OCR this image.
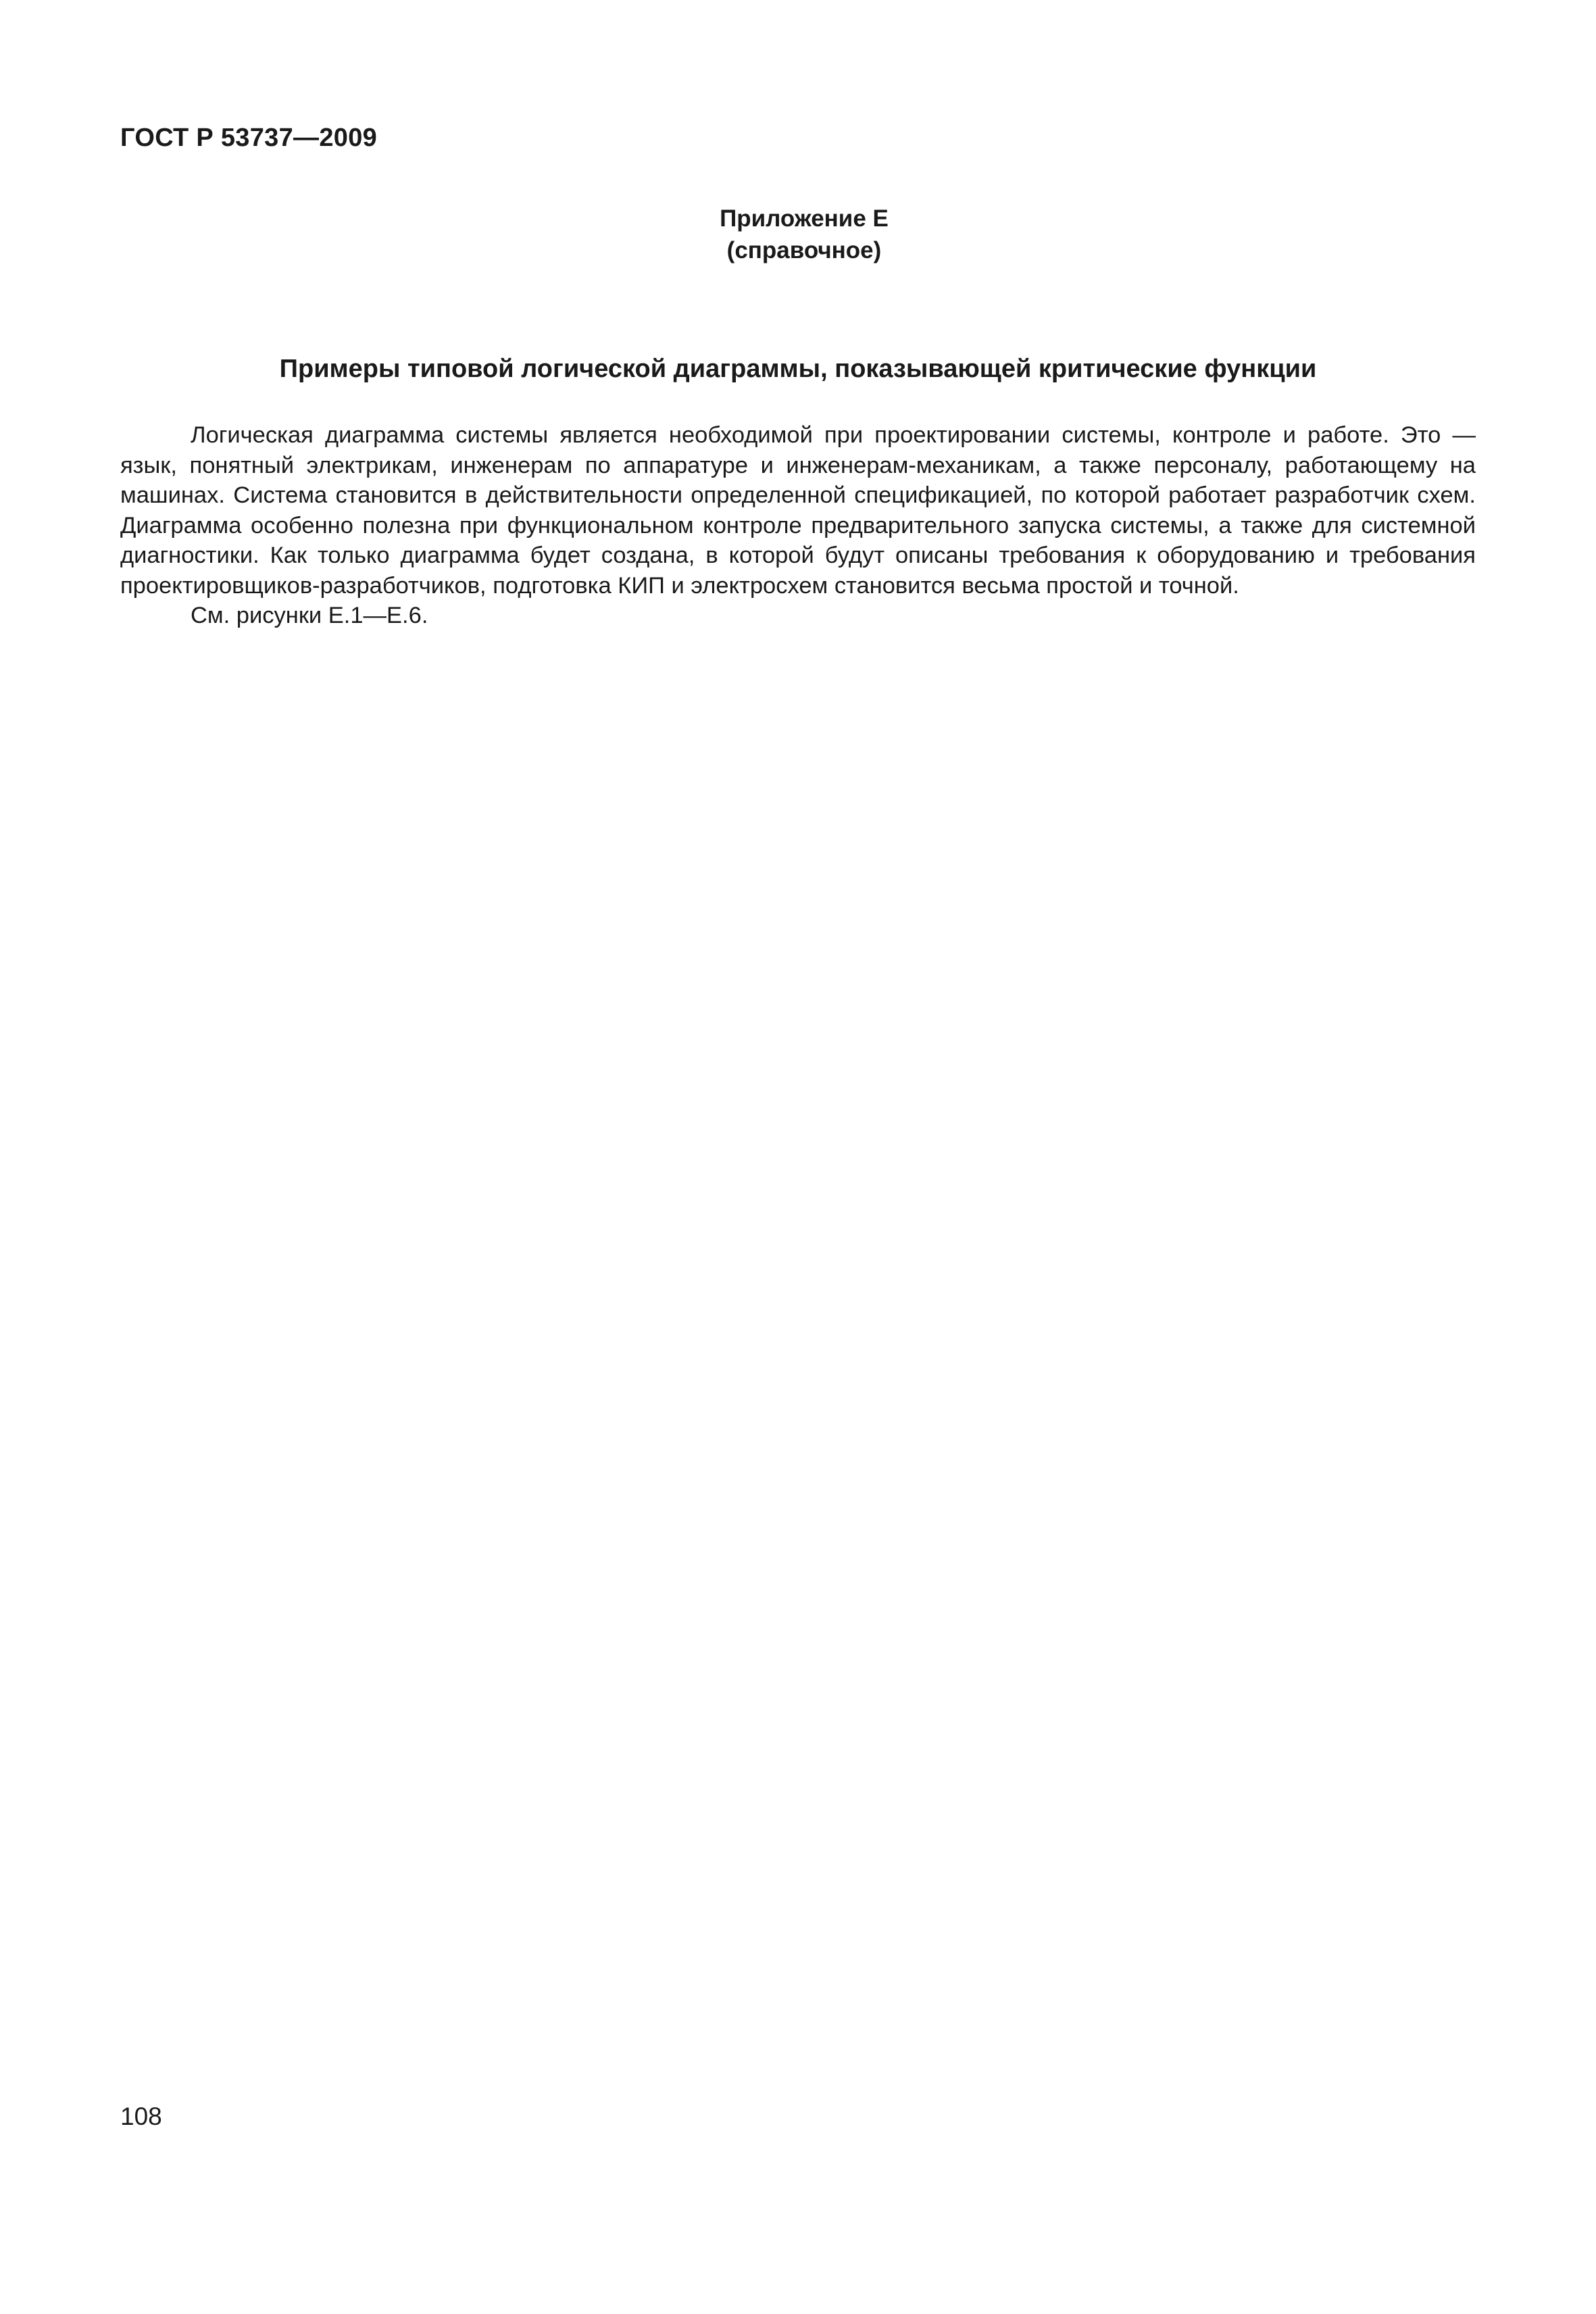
ГОСТ Р 53737—2009
Приложение Е
(справочное)
Примеры типовой логической диаграммы, показывающей критические функции

Логическая диаграмма системы является необходимой при проектировании системы, контроле и работе. Это — язык, понятный электрикам, инженерам по аппаратуре и инженерам-механикам, а также персоналу, работающему на машинах. Система становится в действительности определенной спецификацией, по которой работает разработчик схем. Диаграмма особенно полезна при функциональном контроле предварительного запуска системы, а также для системной диагностики. Как только диаграмма будет создана, в которой будут описаны требования к оборудованию и требования проектировщиков-разработчиков, подготовка КИП и электросхем становится весьма простой и точной.

См. рисунки Е.1—Е.6.

108
